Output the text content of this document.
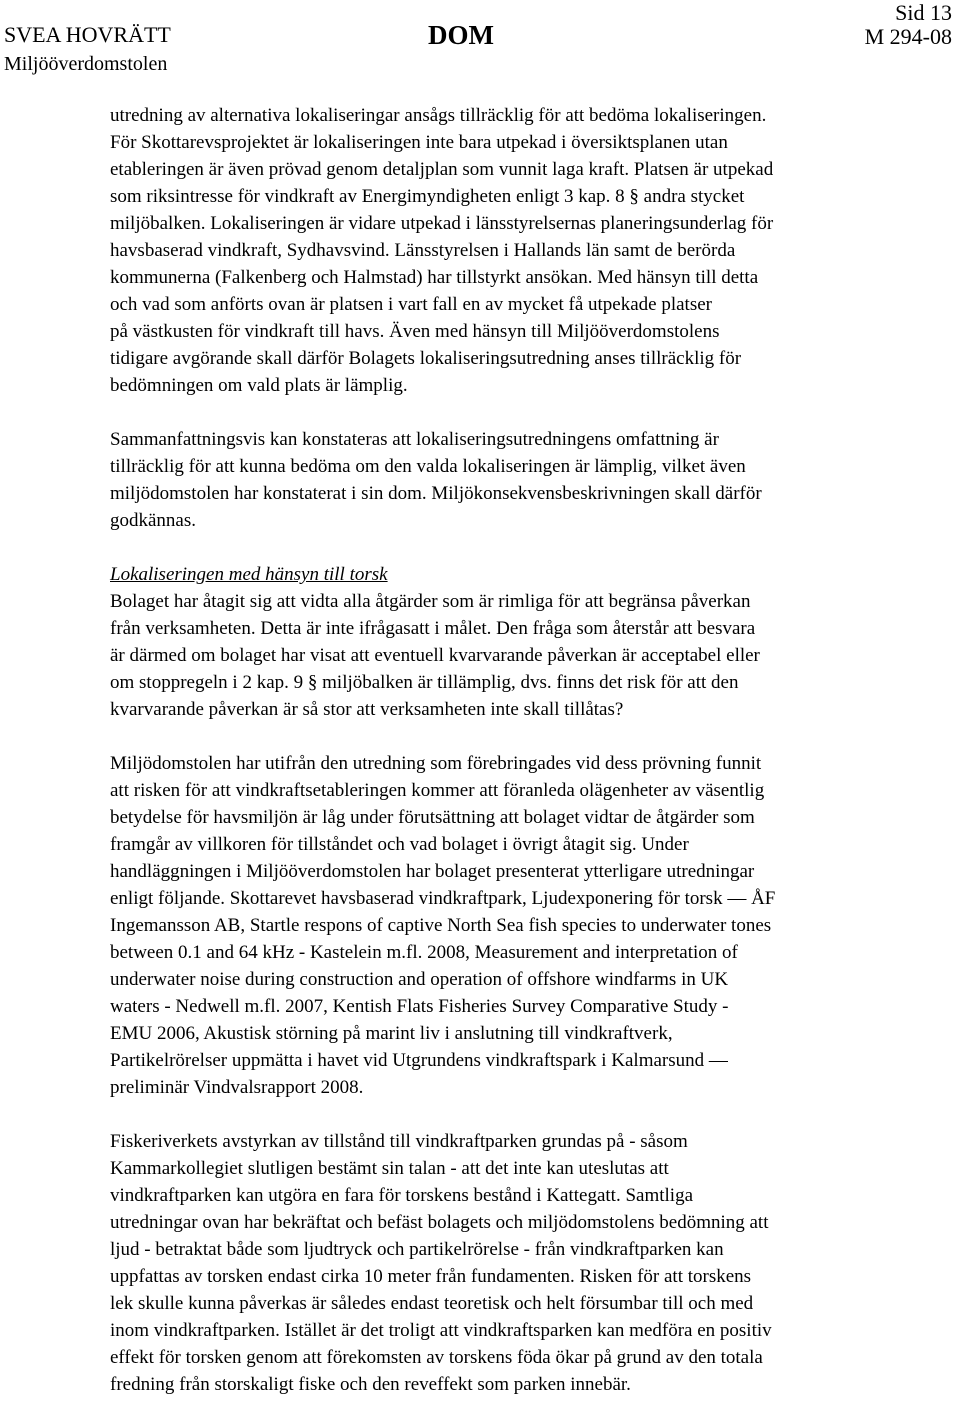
SVEA HOVRÄTT
Miljööverdomstolen
DOM
Sid 13
M 294-08
utredning av alternativa lokaliseringar ansågs tillräcklig för att bedöma lokaliseringen.
För Skottarevsprojektet är lokaliseringen inte bara utpekad i översiktsplanen utan
etableringen är även prövad genom detaljplan som vunnit laga kraft. Platsen är utpekad
som riksintresse för vindkraft av Energimyndigheten enligt 3 kap. 8 § andra stycket
miljöbalken. Lokaliseringen är vidare utpekad i länsstyrelsernas planeringsunderlag för
havsbaserad vindkraft, Sydhavsvind. Länsstyrelsen i Hallands län samt de berörda
kommunerna (Falkenberg och Halmstad) har tillstyrkt ansökan. Med hänsyn till detta
och vad som anförts ovan är platsen i vart fall en av mycket få utpekade platser
på västkusten för vindkraft till havs. Även med hänsyn till Miljööverdomstolens
tidigare avgörande skall därför Bolagets lokaliseringsutredning anses tillräcklig för
bedömningen om vald plats är lämplig.
Sammanfattningsvis kan konstateras att lokaliseringsutredningens omfattning är
tillräcklig för att kunna bedöma om den valda lokaliseringen är lämplig, vilket även
miljödomstolen har konstaterat i sin dom. Miljökonsekvensbeskrivningen skall därför
godkännas.
Lokaliseringen med hänsyn till torsk
Bolaget har åtagit sig att vidta alla åtgärder som är rimliga för att begränsa påverkan
från verksamheten. Detta är inte ifrågasatt i målet. Den fråga som återstår att besvara
är därmed om bolaget har visat att eventuell kvarvarande påverkan är acceptabel eller
om stoppregeln i 2 kap. 9 § miljöbalken är tillämplig, dvs. finns det risk för att den
kvarvarande påverkan är så stor att verksamheten inte skall tillåtas?
Miljödomstolen har utifrån den utredning som förebringades vid dess prövning funnit
att risken för att vindkraftsetableringen kommer att föranleda olägenheter av väsentlig
betydelse för havsmiljön är låg under förutsättning att bolaget vidtar de åtgärder som
framgår av villkoren för tillståndet och vad bolaget i övrigt åtagit sig. Under
handläggningen i Miljööverdomstolen har bolaget presenterat ytterligare utredningar
enligt följande. Skottarevet havsbaserad vindkraftpark, Ljudexponering för torsk — ÅF
Ingemansson AB, Startle respons of captive North Sea fish species to underwater tones
between 0.1 and 64 kHz - Kastelein m.fl. 2008, Measurement and interpretation of
underwater noise during construction and operation of offshore windfarms in UK
waters - Nedwell m.fl. 2007, Kentish Flats Fisheries Survey Comparative Study -
EMU 2006, Akustisk störning på marint liv i anslutning till vindkraftverk,
Partikelrörelser uppmätta i havet vid Utgrundens vindkraftspark i Kalmarsund —
preliminär Vindvalsrapport 2008.
Fiskeriverkets avstyrkan av tillstånd till vindkraftparken grundas på - såsom
Kammarkollegiet slutligen bestämt sin talan - att det inte kan uteslutas att
vindkraftparken kan utgöra en fara för torskens bestånd i Kattegatt. Samtliga
utredningar ovan har bekräftat och befäst bolagets och miljödomstolens bedömning att
ljud - betraktat både som ljudtryck och partikelrörelse - från vindkraftparken kan
uppfattas av torsken endast cirka 10 meter från fundamenten. Risken för att torskens
lek skulle kunna påverkas är således endast teoretisk och helt försumbar till och med
inom vindkraftparken. Istället är det troligt att vindkraftsparken kan medföra en positiv
effekt för torsken genom att förekomsten av torskens föda ökar på grund av den totala
fredning från storskaligt fiske och den reveffekt som parken innebär.
